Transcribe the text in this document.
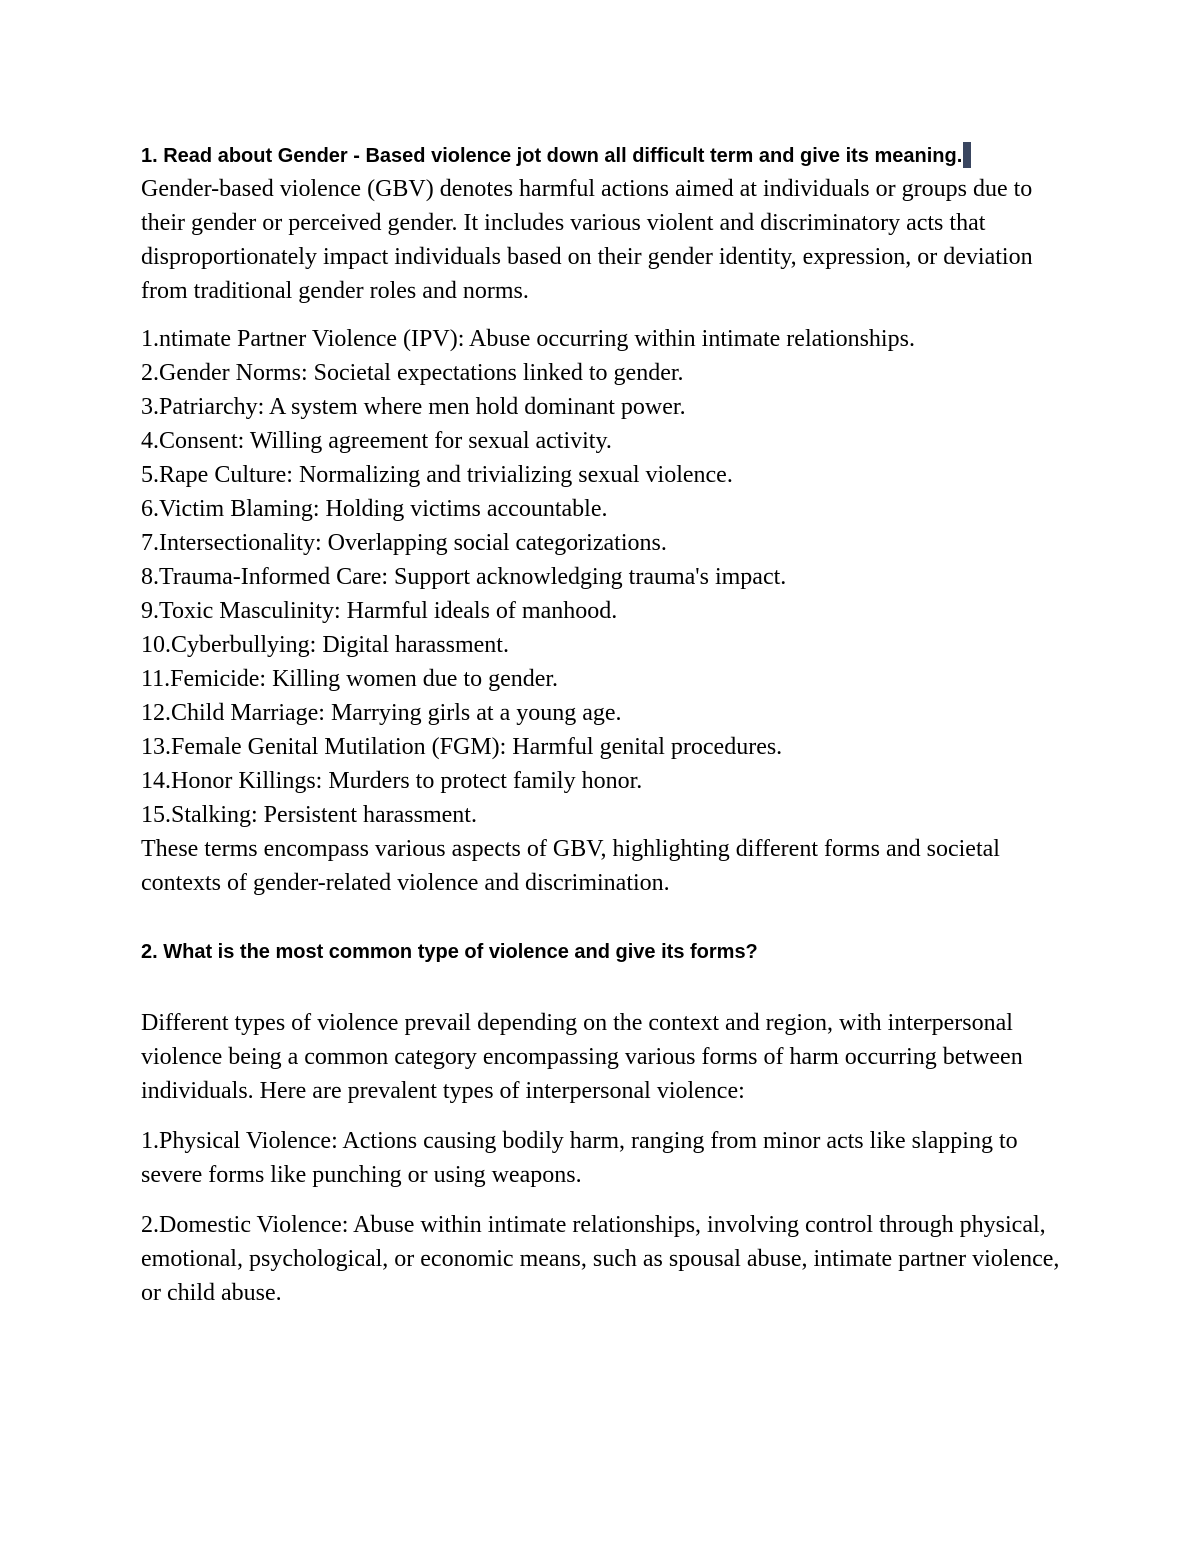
1. Read about Gender - Based violence jot down all difficult term and give its meaning.

Gender-based violence (GBV) denotes harmful actions aimed at individuals or groups due to their gender or perceived gender. It includes various violent and discriminatory acts that disproportionately impact individuals based on their gender identity, expression, or deviation from traditional gender roles and norms.

1.ntimate Partner Violence (IPV): Abuse occurring within intimate relationships.
2.Gender Norms: Societal expectations linked to gender.
3.Patriarchy: A system where men hold dominant power.
4.Consent: Willing agreement for sexual activity.
5.Rape Culture: Normalizing and trivializing sexual violence.
6.Victim Blaming: Holding victims accountable.
7.Intersectionality: Overlapping social categorizations.
8.Trauma-Informed Care: Support acknowledging trauma's impact.
9.Toxic Masculinity: Harmful ideals of manhood.
10.Cyberbullying: Digital harassment.
11.Femicide: Killing women due to gender.
12.Child Marriage: Marrying girls at a young age.
13.Female Genital Mutilation (FGM): Harmful genital procedures.
14.Honor Killings: Murders to protect family honor.
15.Stalking: Persistent harassment.

These terms encompass various aspects of GBV, highlighting different forms and societal contexts of gender-related violence and discrimination.

2. What is the most common type of violence and give its forms?

Different types of violence prevail depending on the context and region, with interpersonal violence being a common category encompassing various forms of harm occurring between individuals. Here are prevalent types of interpersonal violence:

1.Physical Violence: Actions causing bodily harm, ranging from minor acts like slapping to severe forms like punching or using weapons.

2.Domestic Violence: Abuse within intimate relationships, involving control through physical, emotional, psychological, or economic means, such as spousal abuse, intimate partner violence, or child abuse.
